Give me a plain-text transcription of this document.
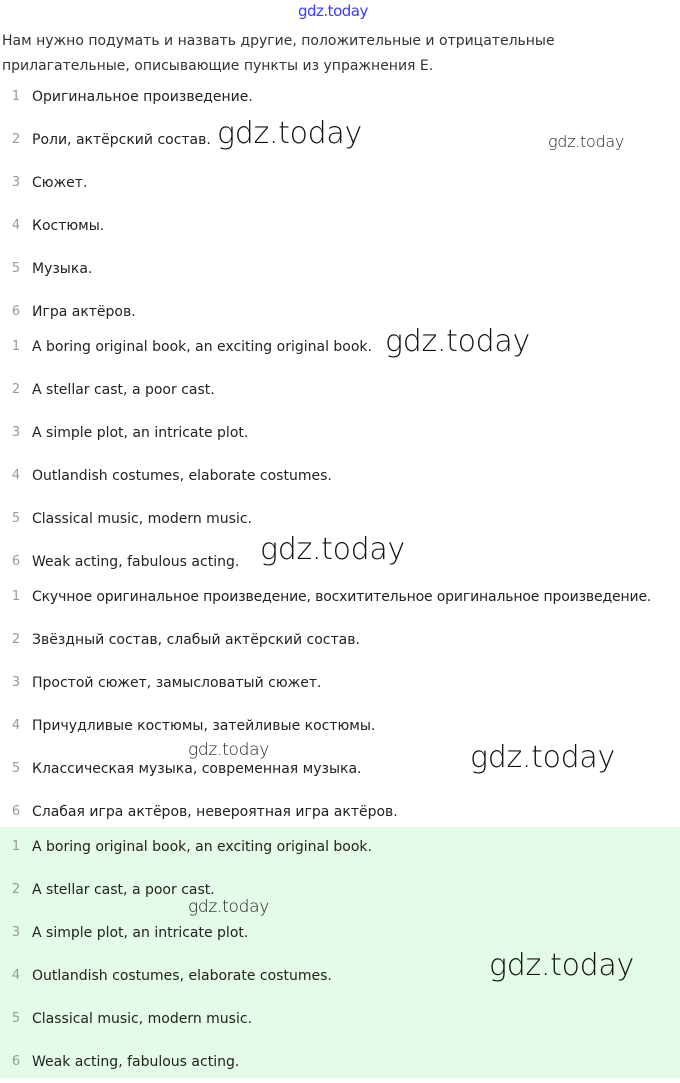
gdz.today
Нам нужно подумать и назвать другие, положительные и отрицательные прилагательные, описывающие пункты из упражнения E.
1 Оригинальное произведение.
2 Роли, актёрский состав.
3 Сюжет.
4 Костюмы.
5 Музыка.
6 Игра актёров.
1 A boring original book, an exciting original book.
2 A stellar cast, a poor cast.
3 A simple plot, an intricate plot.
4 Outlandish costumes, elaborate costumes.
5 Classical music, modern music.
6 Weak acting, fabulous acting.
1 Скучное оригинальное произведение, восхитительное оригинальное произведение.
2 Звёздный состав, слабый актёрский состав.
3 Простой сюжет, замысловатый сюжет.
4 Причудливые костюмы, затейливые костюмы.
5 Классическая музыка, современная музыка.
6 Слабая игра актёров, невероятная игра актёров.
1 A boring original book, an exciting original book.
2 A stellar cast, a poor cast.
3 A simple plot, an intricate plot.
4 Outlandish costumes, elaborate costumes.
5 Classical music, modern music.
6 Weak acting, fabulous acting.
gdz.today	gdz.today
gdz.today
gdz.today
gdz.today	gdz.today
gdz.today
gdz.today
